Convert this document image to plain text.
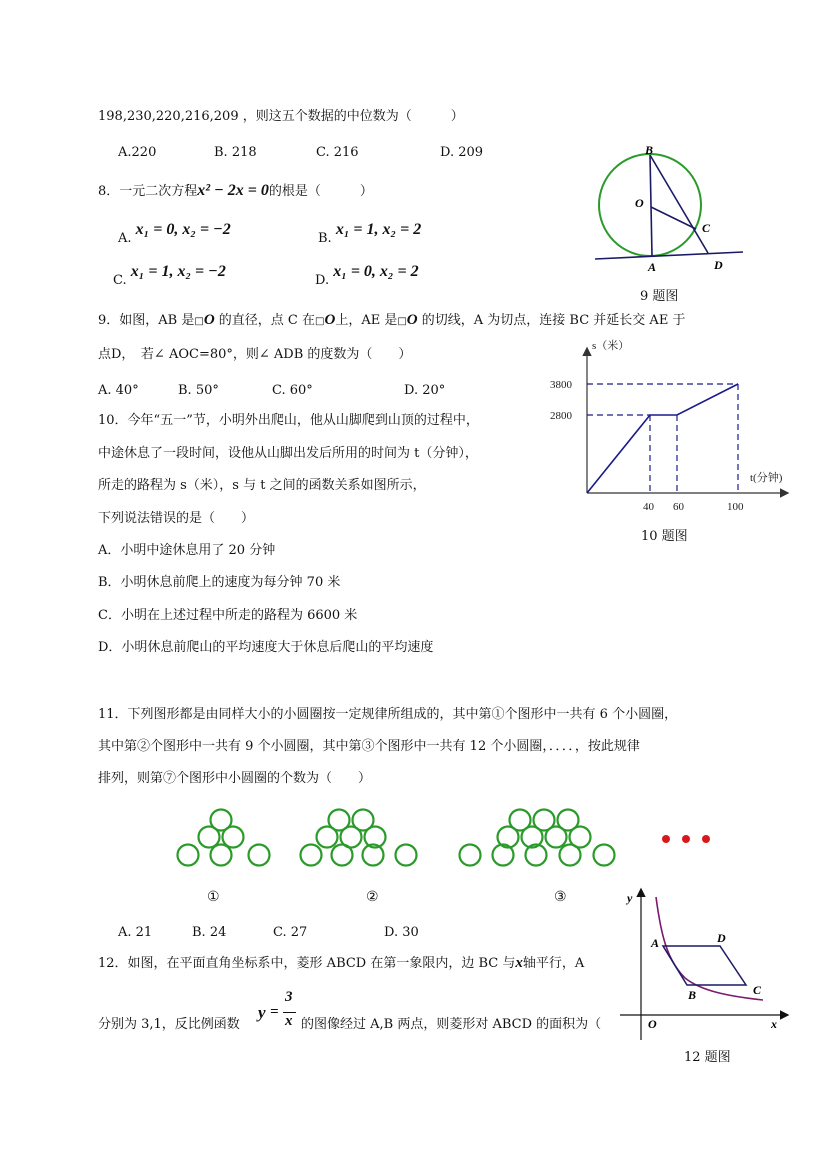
198,230,220,216,209 ，则这五个数据的中位数为（　　　）
A.220	B. 218	C. 216	D. 209
8．一元二次方程x² − 2x = 0的根是（　　　）
A. x₁ = 0, x₂ = −2
B. x₁ = 1, x₂ = 2
C. x₁ = 1, x₂ = −2
D. x₁ = 0, x₂ = 2
B
O
C
A	D
9 题图
9．如图，AB 是□O 的直径，点 C 在□O上，AE 是□O 的切线，A 为切点，连接 BC 并延长交 AE 于
点D，　若∠ AOC=80°，则∠ ADB 的度数为（　　）
A. 40°	B. 50°	C. 60°	D. 20°
s（米）
t(分钟)
3800
2800
40 60	100
10 题图
10．今年“五一”节，小明外出爬山，他从山脚爬到山顶的过程中，
中途休息了一段时间，设他从山脚出发后所用的时间为 t（分钟），
所走的路程为 s（米），s 与 t 之间的函数关系如图所示，
下列说法错误的是（　　）
A．小明中途休息用了 20 分钟
B．小明休息前爬上的速度为每分钟 70 米
C．小明在上述过程中所走的路程为 6600 米
D．小明休息前爬山的平均速度大于休息后爬山的平均速度
11．下列图形都是由同样大小的小圆圈按一定规律所组成的，其中第①个图形中一共有 6 个小圆圈，
其中第②个图形中一共有 9 个小圆圈，其中第③个图形中一共有 12 个小圆圈，．．．．，按此规律
排列，则第⑦个图形中小圆圈的个数为（　　）
①	②	③
A. 21	B. 24	C. 27	D. 30
12．如图，在平面直角坐标系中，菱形 ABCD 在第一象限内，边 BC 与x轴平行，A
分别为 3,1，反比例函数
y =
3
x 的图像经过 A,B 两点，则菱形对 ABCD 的面积为（
y
x
O
A	D
B	C
12 题图
